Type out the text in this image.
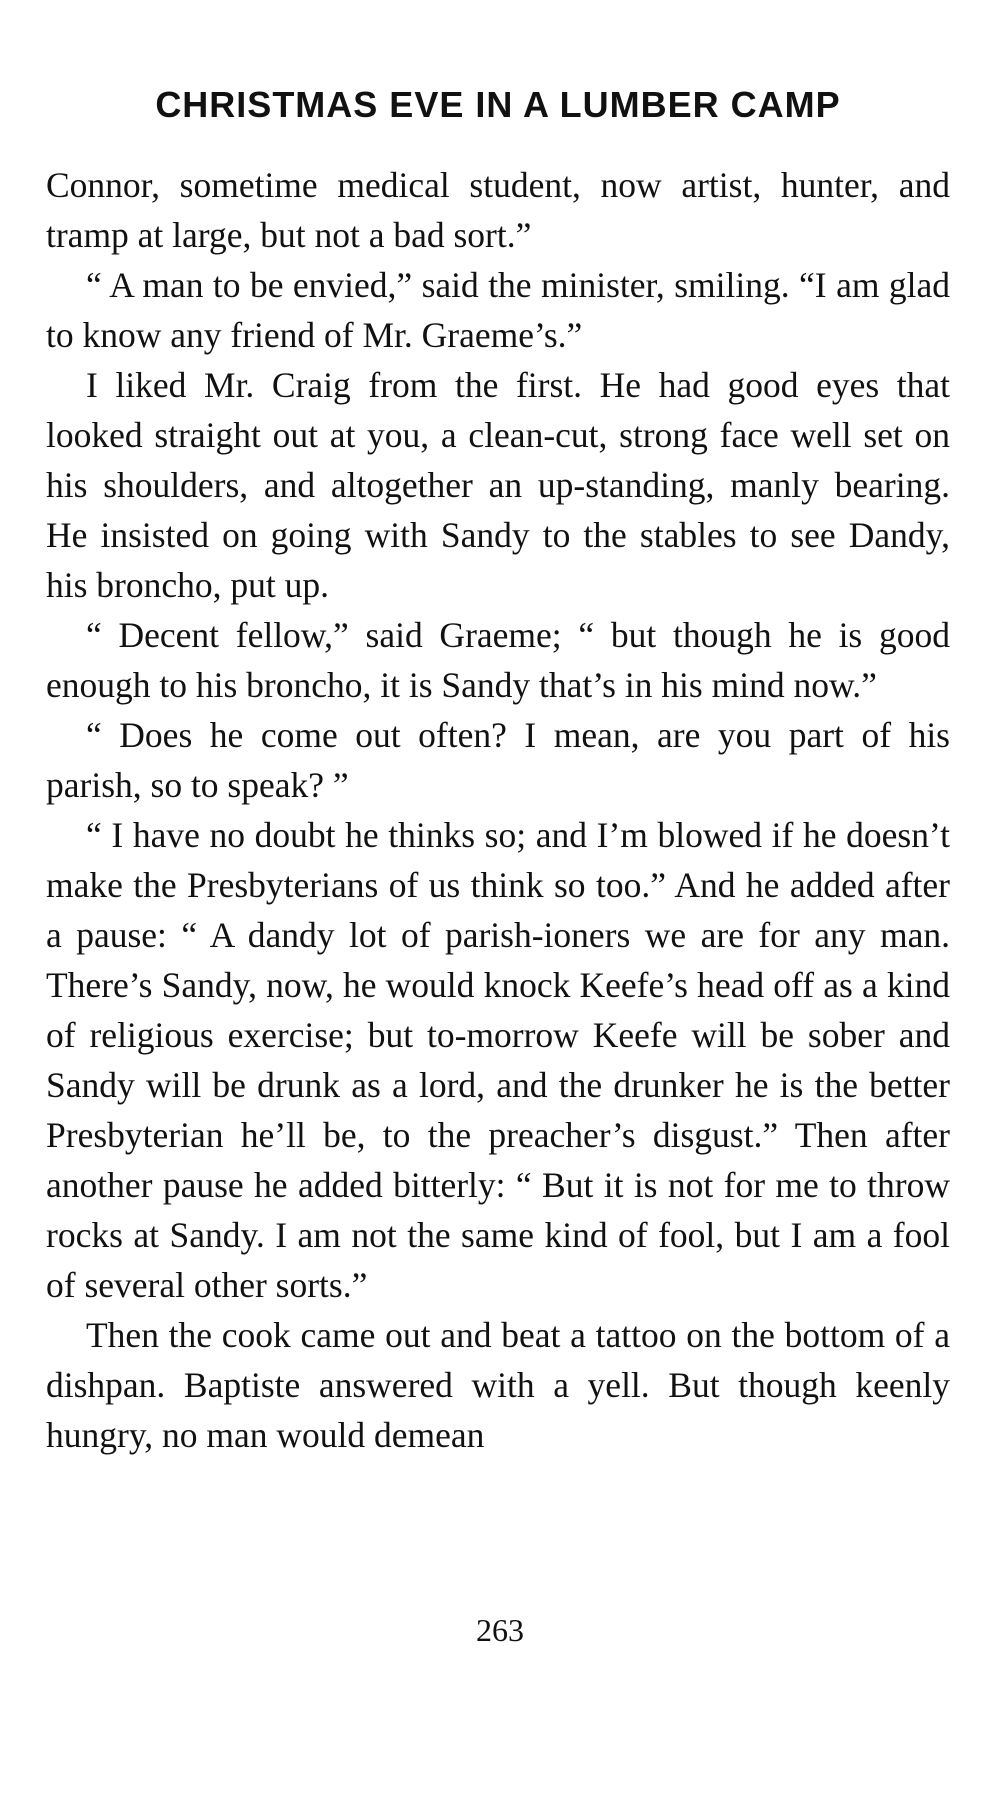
CHRISTMAS EVE IN A LUMBER CAMP

Connor, sometime medical student, now artist, hunter, and tramp at large, but not a bad sort.”

“ A man to be envied,” said the minister, smiling. “I am glad to know any friend of Mr. Graeme’s.”

I liked Mr. Craig from the first. He had good eyes that looked straight out at you, a clean-cut, strong face well set on his shoulders, and altogether an up-standing, manly bearing. He insisted on going with Sandy to the stables to see Dandy, his broncho, put up.

“ Decent fellow,” said Graeme; “ but though he is good enough to his broncho, it is Sandy that’s in his mind now.”

“ Does he come out often? I mean, are you part of his parish, so to speak? ”

“ I have no doubt he thinks so; and I’m blowed if he doesn’t make the Presbyterians of us think so too.” And he added after a pause: “ A dandy lot of parish-ioners we are for any man. There’s Sandy, now, he would knock Keefe’s head off as a kind of religious exercise; but to-morrow Keefe will be sober and Sandy will be drunk as a lord, and the drunker he is the better Presbyterian he’ll be, to the preacher’s disgust.” Then after another pause he added bitterly: “ But it is not for me to throw rocks at Sandy. I am not the same kind of fool, but I am a fool of several other sorts.”

Then the cook came out and beat a tattoo on the bottom of a dishpan. Baptiste answered with a yell. But though keenly hungry, no man would demean

263
